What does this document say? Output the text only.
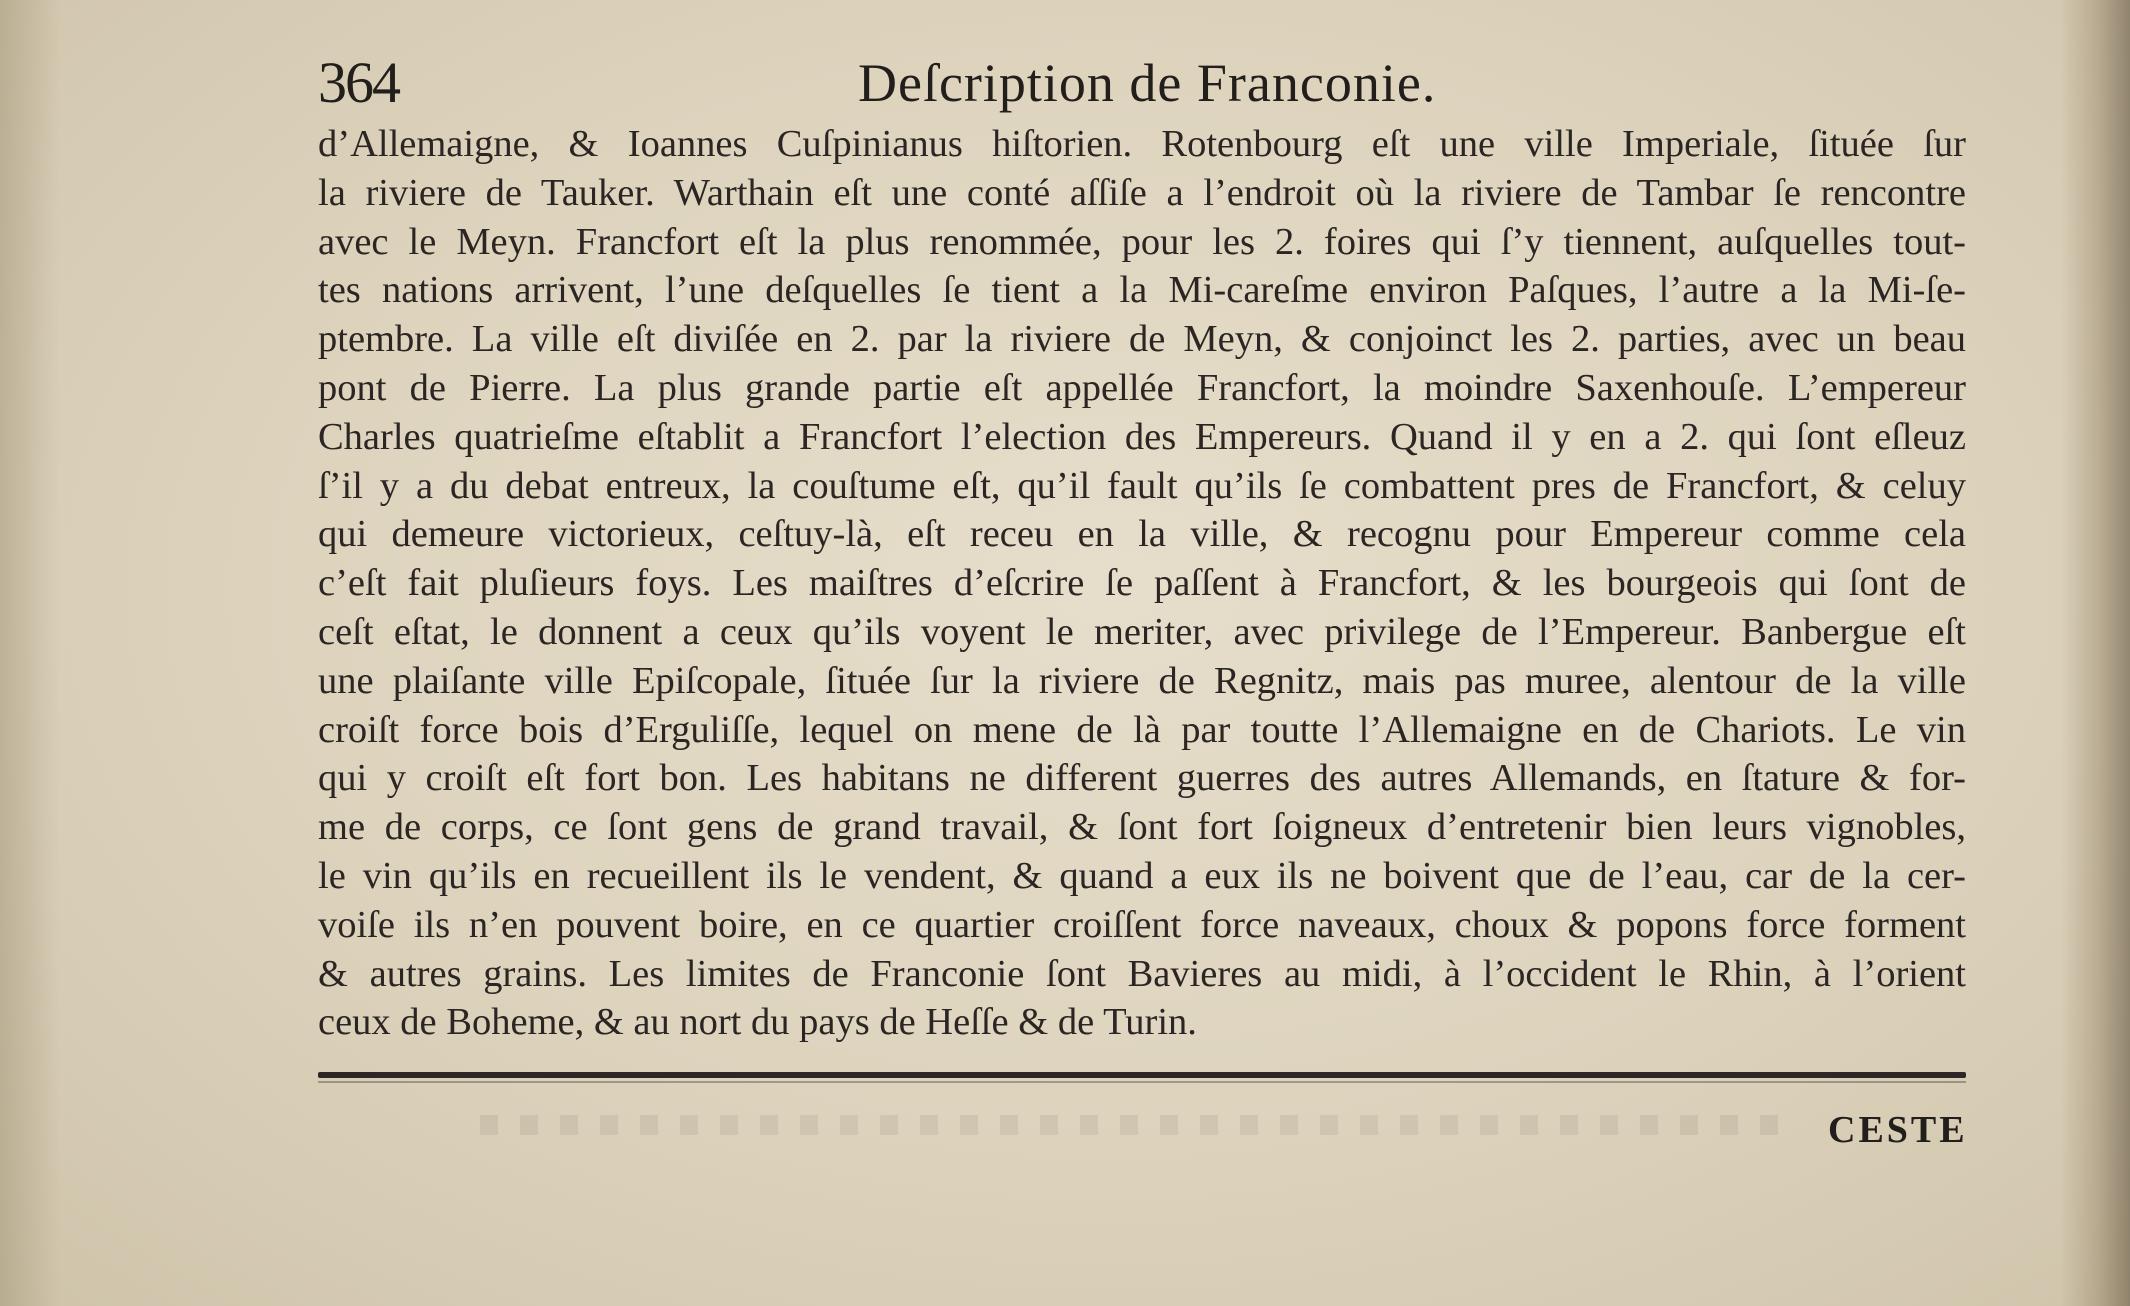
364	Deſcription de Franconie.
d’Allemaigne, & Ioannes Cuſpinianus hiſtorien. Rotenbourg eſt une ville Imperiale, ſituée ſur
la riviere de Tauker. Warthain eſt une conté aſſiſe a l’endroit où la riviere de Tambar ſe rencontre
avec le Meyn. Francfort eſt la plus renommée, pour les 2. foires qui ſ’y tiennent, auſquelles tout-
tes nations arrivent, l’une deſquelles ſe tient a la Mi-careſme environ Paſques, l’autre a la Mi-ſe-
ptembre. La ville eſt diviſée en 2. par la riviere de Meyn, & conjoinct les 2. parties, avec un beau
pont de Pierre. La plus grande partie eſt appellée Francfort, la moindre Saxenhouſe. L’empereur
Charles quatrieſme eſtablit a Francfort l’election des Empereurs. Quand il y en a 2. qui ſont eſleuz
ſ’il y a du debat entreux, la couſtume eſt, qu’il fault qu’ils ſe combattent pres de Francfort, & celuy
qui demeure victorieux, ceſtuy-là, eſt receu en la ville, & recognu pour Empereur comme cela
c’eſt fait pluſieurs foys. Les maiſtres d’eſcrire ſe paſſent à Francfort, & les bourgeois qui ſont de
ceſt eſtat, le donnent a ceux qu’ils voyent le meriter, avec privilege de l’Empereur. Banbergue eſt
une plaiſante ville Epiſcopale, ſituée ſur la riviere de Regnitz, mais pas muree, alentour de la ville
croiſt force bois d’Erguliſſe, lequel on mene de là par toutte l’Allemaigne en de Chariots. Le vin
qui y croiſt eſt fort bon. Les habitans ne different guerres des autres Allemands, en ſtature & for-
me de corps, ce ſont gens de grand travail, & ſont fort ſoigneux d’entretenir bien leurs vignobles,
le vin qu’ils en recueillent ils le vendent, & quand a eux ils ne boivent que de l’eau, car de la cer-
voiſe ils n’en pouvent boire, en ce quartier croiſſent force naveaux, choux & popons force forment
& autres grains. Les limites de Franconie ſont Bavieres au midi, à l’occident le Rhin, à l’orient
ceux de Boheme, & au nort du pays de Heſſe & de Turin.
CESTE
